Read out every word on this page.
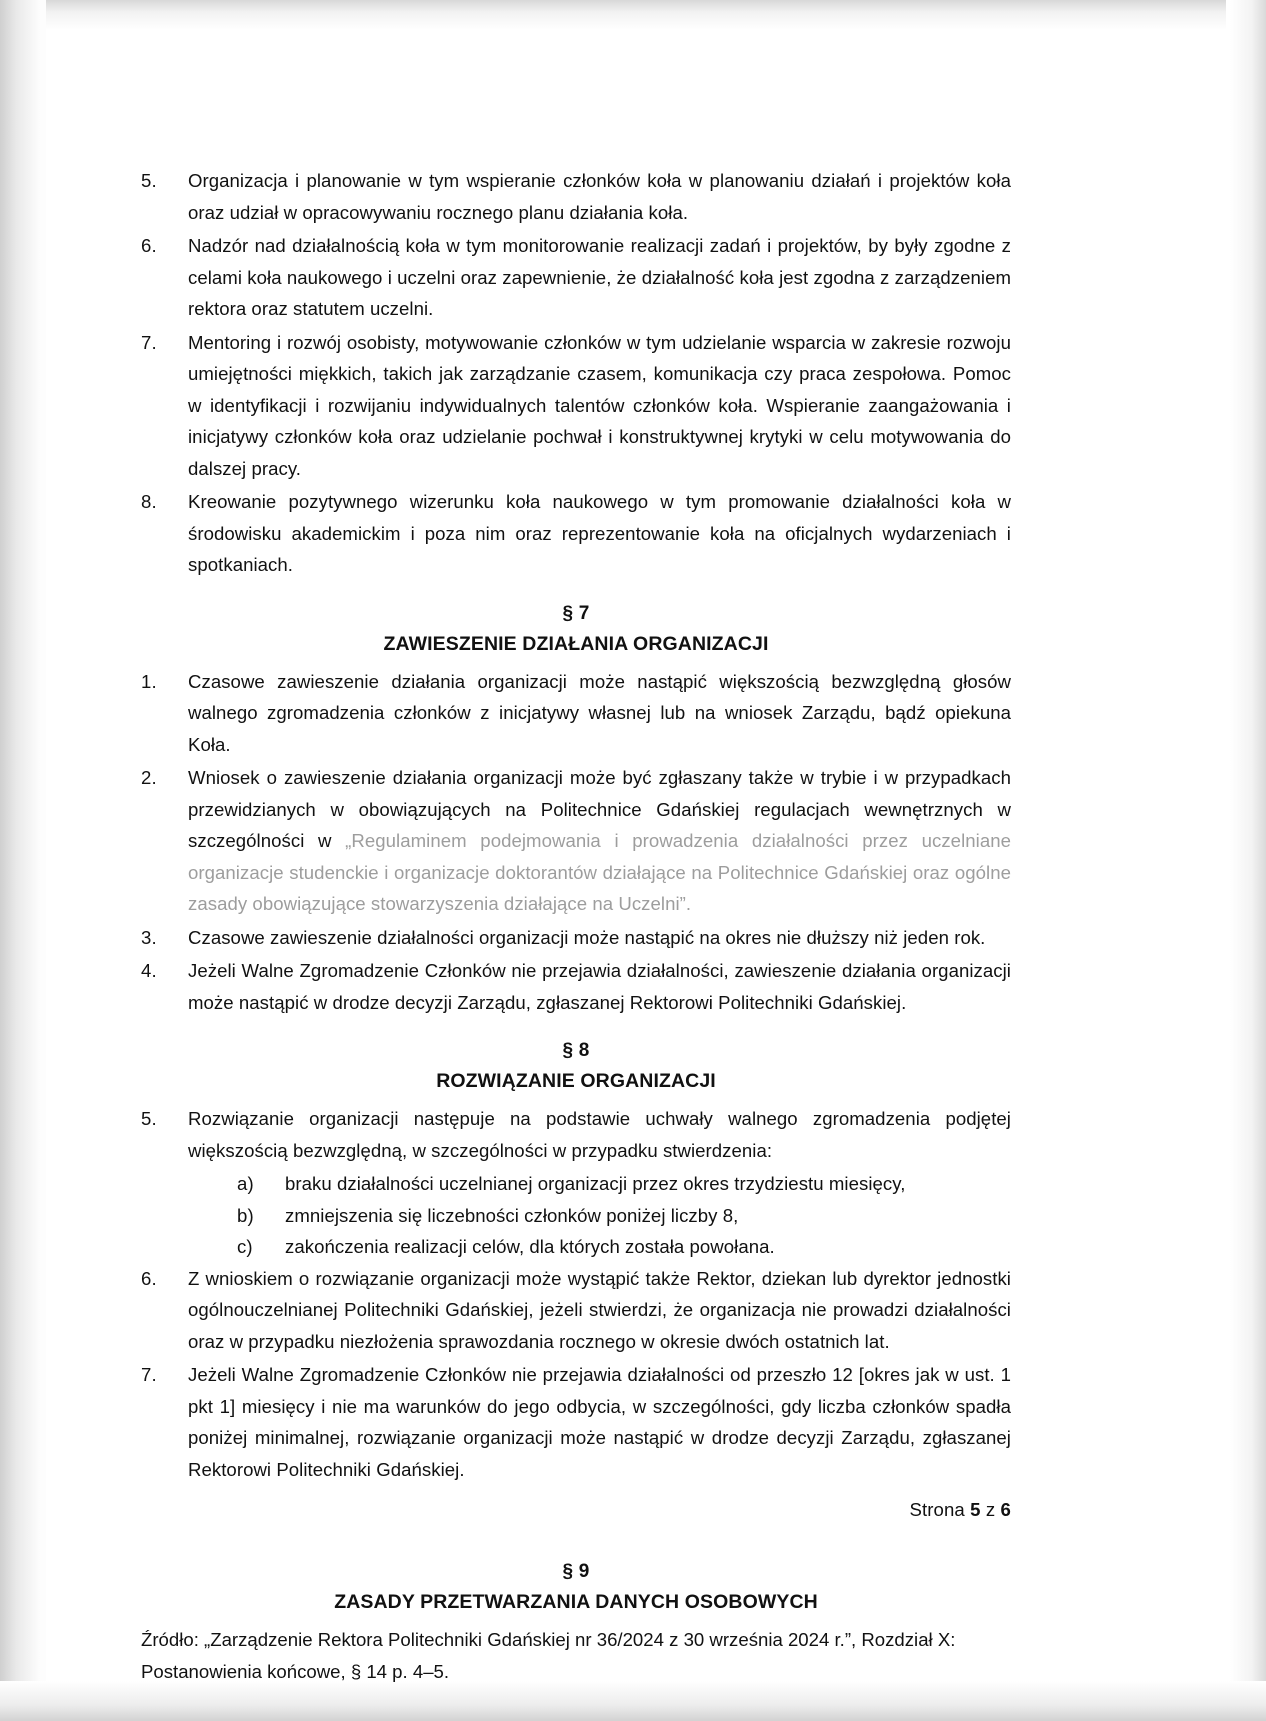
5.	Organizacja i planowanie w tym wspieranie członków koła w planowaniu działań i projektów koła oraz udział w opracowywaniu rocznego planu działania koła.
6.	Nadzór nad działalnością koła w tym monitorowanie realizacji zadań i projektów, by były zgodne z celami koła naukowego i uczelni oraz zapewnienie, że działalność koła jest zgodna z zarządzeniem rektora oraz statutem uczelni.
7.	Mentoring i rozwój osobisty, motywowanie członków w tym udzielanie wsparcia w zakresie rozwoju umiejętności miękkich, takich jak zarządzanie czasem, komunikacja czy praca zespołowa. Pomoc w identyfikacji i rozwijaniu indywidualnych talentów członków koła. Wspieranie zaangażowania i inicjatywy członków koła oraz udzielanie pochwał i konstruktywnej krytyki w celu motywowania do dalszej pracy.
8.	Kreowanie pozytywnego wizerunku koła naukowego w tym promowanie działalności koła w środowisku akademickim i poza nim oraz reprezentowanie koła na oficjalnych wydarzeniach i spotkaniach.
§ 7
ZAWIESZENIE DZIAŁANIA ORGANIZACJI
1.	Czasowe zawieszenie działania organizacji może nastąpić większością bezwzględną głosów walnego zgromadzenia członków z inicjatywy własnej lub na wniosek Zarządu, bądź opiekuna Koła.
2.	Wniosek o zawieszenie działania organizacji może być zgłaszany także w trybie i w przypadkach przewidzianych w obowiązujących na Politechnice Gdańskiej regulacjach wewnętrznych w szczególności w „Regulaminem podejmowania i prowadzenia działalności przez uczelniane organizacje studenckie i organizacje doktorantów działające na Politechnice Gdańskiej oraz ogólne zasady obowiązujące stowarzyszenia działające na Uczelni”.
3.	Czasowe zawieszenie działalności organizacji może nastąpić na okres nie dłuższy niż jeden rok.
4.	Jeżeli Walne Zgromadzenie Członków nie przejawia działalności, zawieszenie działania organizacji może nastąpić w drodze decyzji Zarządu, zgłaszanej Rektorowi Politechniki Gdańskiej.
§ 8
ROZWIĄZANIE ORGANIZACJI
5.	Rozwiązanie organizacji następuje na podstawie uchwały walnego zgromadzenia podjętej większością bezwzględną, w szczególności w przypadku stwierdzenia:
a)	braku działalności uczelnianej organizacji przez okres trzydziestu miesięcy,
b)	zmniejszenia się liczebności członków poniżej liczby 8,
c)	zakończenia realizacji celów, dla których została powołana.
6.	Z wnioskiem o rozwiązanie organizacji może wystąpić także Rektor, dziekan lub dyrektor jednostki ogólnouczelnianej Politechniki Gdańskiej, jeżeli stwierdzi, że organizacja nie prowadzi działalności oraz w przypadku niezłożenia sprawozdania rocznego w okresie dwóch ostatnich lat.
7.	Jeżeli Walne Zgromadzenie Członków nie przejawia działalności od przeszło 12 [okres jak w ust. 1 pkt 1] miesięcy i nie ma warunków do jego odbycia, w szczególności, gdy liczba członków spadła poniżej minimalnej, rozwiązanie organizacji może nastąpić w drodze decyzji Zarządu, zgłaszanej Rektorowi Politechniki Gdańskiej.
§ 9
ZASADY PRZETWARZANIA DANYCH OSOBOWYCH
Źródło: „Zarządzenie Rektora Politechniki Gdańskiej nr 36/2024 z 30 września 2024 r.”, Rozdział X: Postanowienia końcowe, § 14 p. 4–5.
Strona 5 z 6
